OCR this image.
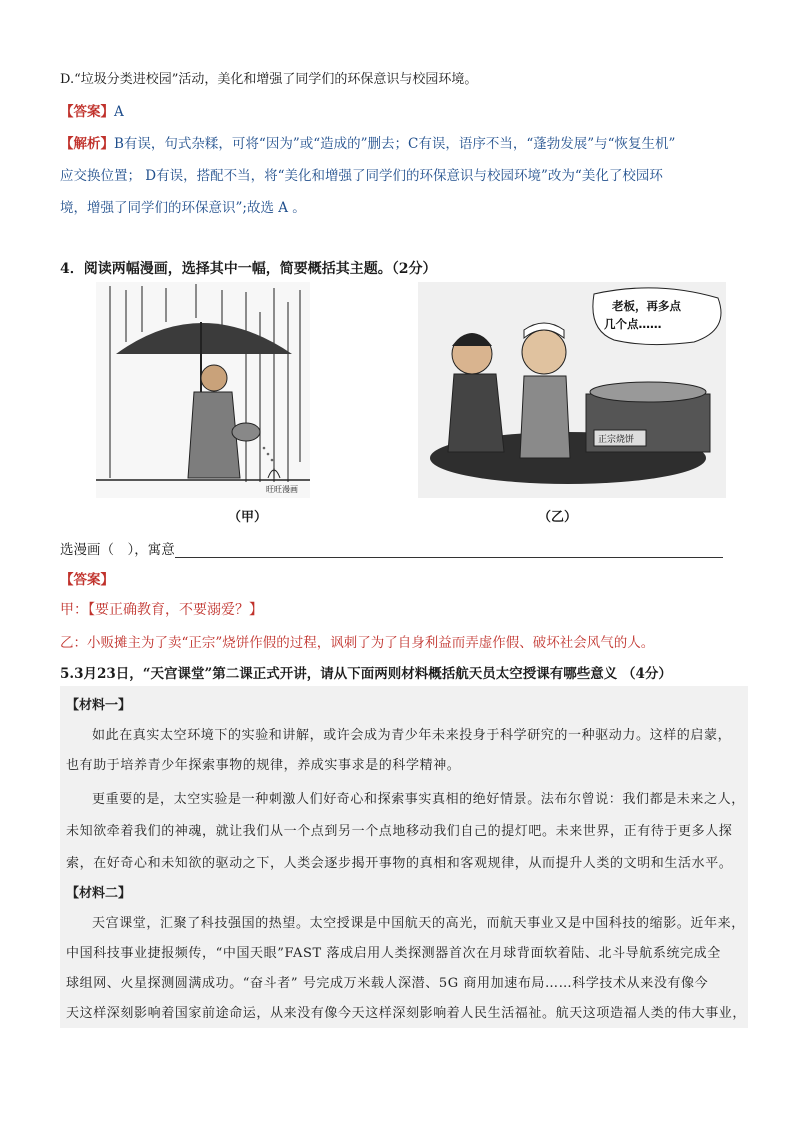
D.“垃圾分类进校园”活动，美化和增强了同学们的环保意识与校园环境。
【答案】A
【解析】B有误，句式杂糅，可将“因为”或“造成的”删去；C有误，语序不当，“蓬勃发展”与“恢复生机”
应交换位置； D有误，搭配不当，将“美化和增强了同学们的环保意识与校园环境”改为“美化了校园环
境，增强了同学们的环保意识”;故选 A 。
4．阅读两幅漫画，选择其中一幅，简要概括其主题。（2分）
旺旺漫画
老板，再多点
几个点……
正宗烧饼
（甲）	（乙）
选漫画（　），寓意
【答案】
甲：【要正确教育，不要溺爱？】
乙：小贩摊主为了卖“正宗”烧饼作假的过程，讽刺了为了自身利益而弄虚作假、破坏社会风气的人。
5.3月23日，“天宫课堂”第二课正式开讲，请从下面两则材料概括航天员太空授课有哪些意义 （4分）
【材料一】
如此在真实太空环境下的实验和讲解，或许会成为青少年未来投身于科学研究的一种驱动力。这样的启蒙，
也有助于培养青少年探索事物的规律，养成实事求是的科学精神。
更重要的是，太空实验是一种刺激人们好奇心和探索事实真相的绝好情景。法布尔曾说：我们都是未来之人，
未知欲牵着我们的神魂，就让我们从一个点到另一个点地移动我们自己的提灯吧。未来世界，正有待于更多人探
索，在好奇心和未知欲的驱动之下，人类会逐步揭开事物的真相和客观规律，从而提升人类的文明和生活水平。
【材料二】
天宫课堂，汇聚了科技强国的热望。太空授课是中国航天的高光，而航天事业又是中国科技的缩影。近年来，
中国科技事业捷报频传，“中国天眼”FAST 落成启用人类探测器首次在月球背面软着陆、北斗导航系统完成全
球组网、火星探测圆满成功。“奋斗者” 号完成万米载人深潜、5G 商用加速布局……科学技术从来没有像今
天这样深刻影响着国家前途命运，从来没有像今天这样深刻影响着人民生活福祉。航天这项造福人类的伟大事业，
